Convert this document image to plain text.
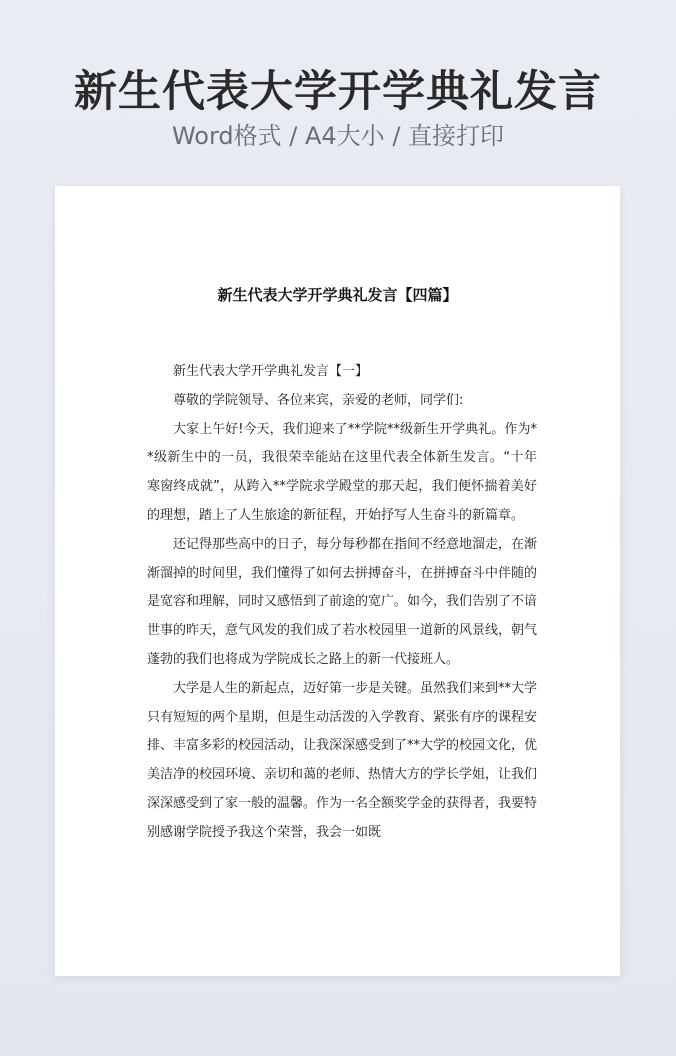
新生代表大学开学典礼发言
Word格式 / A4大小 / 直接打印
新生代表大学开学典礼发言【四篇】

新生代表大学开学典礼发言【一】

尊敬的学院领导、各位来宾，亲爱的老师，同学们:

大家上午好!今天，我们迎来了**学院**级新生开学典礼。作为**级新生中的一员，我很荣幸能站在这里代表全体新生发言。“十年寒窗终成就”，从跨入**学院求学殿堂的那天起，我们便怀揣着美好的理想，踏上了人生旅途的新征程，开始抒写人生奋斗的新篇章。

还记得那些高中的日子，每分每秒都在指间不经意地溜走，在渐渐溜掉的时间里，我们懂得了如何去拼搏奋斗，在拼搏奋斗中伴随的是宽容和理解，同时又感悟到了前途的宽广。如今，我们告别了不谙世事的昨天，意气风发的我们成了若水校园里一道新的风景线，朝气蓬勃的我们也将成为学院成长之路上的新一代接班人。

大学是人生的新起点，迈好第一步是关键。虽然我们来到**大学只有短短的两个星期，但是生动活泼的入学教育、紧张有序的课程安排、丰富多彩的校园活动，让我深深感受到了**大学的校园文化，优美洁净的校园环境、亲切和蔼的老师、热情大方的学长学姐，让我们深深感受到了家一般的温馨。作为一名全额奖学金的获得者，我要特别感谢学院授予我这个荣誉，我会一如既
